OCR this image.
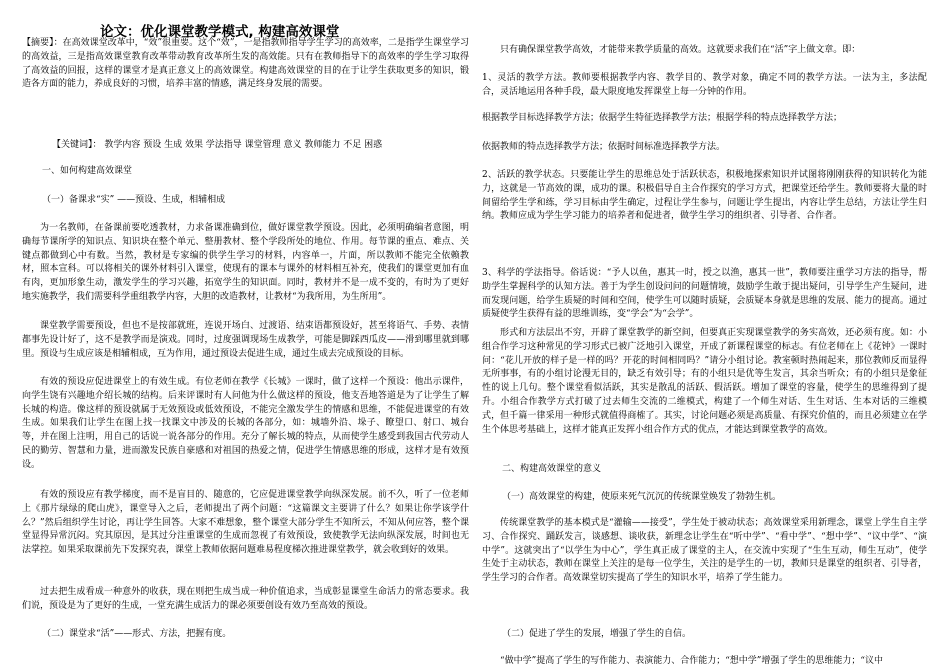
论文：优化课堂教学模式, 构建高效课堂

【摘要】：在高效课堂改革中，“效”很重要。这个“效”，一是指教师指导学生学习的高效率，二是指学生课堂学习的高效益，三是指高效课堂教育改革带动教育改革所生发的高效能。只有在教师指导下的高效率的学生学习取得了高效益的回报，这样的课堂才是真正意义上的高效课堂。构建高效课堂的目的在于让学生获取更多的知识，锻造各方面的能力，养成良好的习惯，培养丰富的情感，满足终身发展的需要。

【关键词】： 教学内容 预设 生成 效果 学法指导 课堂管理 意义 教师能力 不足 困惑

一、如何构建高效课堂

（一）备课求“实” ——预设、生成，相辅相成

为一名教师，在备课前要吃透教材，力求备课准确到位，做好课堂教学预设。因此，必须明确编者意图，明确每节课所学的知识点、知识块在整个单元、整册教材、整个学段所处的地位、作用。每节课的重点、难点、关键点都做到心中有数。当然，教材是专家编的供学生学习的材料，内容单一，片面，所以教师不能完全依赖教材，照本宣科。可以将相关的课外材料引入课堂，使现有的课本与课外的材料相互补充，使我们的课堂更加有血有肉，更加形象生动，激发学生的学习兴趣，拓宽学生的知识面。同时，教材并不是一成不变的，有时为了更好地实施教学，我们需要科学重组教学内容，大胆的改造教材，让教材“为我所用，为生所用”。

课堂教学需要预设，但也不是按部就班，连说开场白、过渡语、结束语都预设好，甚至将语气、手势、表情都事先设计好了，这不是教学而是演戏。同时，过度强调现场生成教学，可能是脚踩西瓜皮——滑到哪里就到哪里。预设与生成应该是相辅相成，互为作用，通过预设去促进生成，通过生成去完成预设的目标。

有效的预设应促进课堂上的有效生成。有位老师在教学《长城》一课时，做了这样一个预设：他出示课件，向学生饶有兴趣地介绍长城的结构。后来评课时有人问他为什么做这样的预设，他支吾地答道是为了让学生了解长城的构造。像这样的预设就属于无效预设或低效预设，不能完全激发学生的情感和思维，不能促进课堂的有效生成。如果我们让学生在图上找一找课文中涉及的长城的各部分，如：城墙外沿、垛子、瞭望口、射口、城台等，并在图上注明，用自己的话说一说各部分的作用。充分了解长城的特点，从而使学生感受到我国古代劳动人民的勤劳、智慧和力量，进而激发民族自豪感和对祖国的热爱之情，促进学生情感思维的形成，这样才是有效预设。

有效的预设应有教学梯度，而不是盲目的、随意的，它应促进课堂教学向纵深发展。前不久，听了一位老师上《那片绿绿的爬山虎》，课堂导入之后，老师提出了两个问题：“这篇课文主要讲了什么？如果让你学该学什么？”然后组织学生讨论，再让学生回答。大家不难想象，整个课堂大部分学生不知所云，不知从何应答，整个课堂显得异常沉闷。究其原因，是其过分注重课堂的生成而忽视了有效预设，致使教学无法向纵深发展，时间也无法掌控。如果采取课前先下发探究表，课堂上教师依据问题难易程度梯次推进课堂教学，就会收到好的效果。

过去把生成看成一种意外的收获，现在则把生成当成一种价值追求，当成彰显课堂生命活力的常态要求。我们说，预设是为了更好的生成，一堂充满生成活力的课必须要创设有效乃至高效的预设。

（二）课堂求“活”——形式、方法，把握有度。

只有确保课堂教学高效，才能带来教学质量的高效。这就要求我们在“活”字上做文章。即：

1、灵活的教学方法。教师要根据教学内容、教学目的、教学对象，确定不同的教学方法。一法为主，多法配合，灵活地运用各种手段，最大限度地发挥课堂上每一分钟的作用。

根据教学目标选择教学方法；依据学生特征选择教学方法；根据学科的特点选择教学方法；

依据教师的特点选择教学方法；依据时间标准选择教学方法。

2、活跃的教学状态。只要能让学生的思维总处于活跃状态，积极地探索知识并试图将刚刚获得的知识转化为能力，这就是一节高效的课，成功的课。积极倡导自主合作探究的学习方式，把课堂还给学生。教师要将大量的时间留给学生学和练，学习目标由学生确定，过程让学生参与，问题让学生提出，内容让学生总结，方法让学生归纳。教师应成为学生学习能力的培养者和促进者，做学生学习的组织者、引导者、合作者。

3、科学的学法指导。俗话说：“予人以鱼，惠其一时，授之以渔，惠其一世”，教师要注重学习方法的指导，帮助学生掌握科学的认知方法。善于为学生创设问问的问题情境，鼓励学生敢于提出疑问，引导学生产生疑问，进而发现问题，给学生质疑的时间和空间，使学生可以随时质疑，会质疑本身就是思维的发展、能力的提高。通过质疑使学生获得有益的思维训练，变“学会”为“会学”。

形式和方法层出不穷，开辟了课堂教学的新空间，但要真正实现课堂教学的务实高效，还必须有度。如：小组合作学习这种常见的学习形式已被广泛地引入课堂，开成了新课程课堂的标志。有位老师在上《花钟》一课时问：“花儿开放的样子是一样的吗？开花的时间相同吗？”请分小组讨论。教室顿时热闹起来，那位教师反而显得无所事事，有的小组讨论漫无目的，缺乏有效引导；有的小组只是优等生发言，其余当听众；有的小组只是象征性的说上几句。整个课堂看似活跃，其实是散乱的活跃、假活跃。增加了课堂的容量，使学生的思维得到了提升。小组合作教学方式打破了过去师生交流的二维模式，构建了一个师生对话、生生对话、生本对话的三维模式，但千篇一律采用一种形式就值得商榷了。其实，讨论问题必须是高质量、有探究价值的，而且必须建立在学生个体思考基础上，这样才能真正发挥小组合作方式的优点，才能达到课堂教学的高效。

二、构建高效课堂的意义

（一）高效课堂的构建，使原来死气沉沉的传统课堂焕发了勃勃生机。

传统课堂教学的基本模式是“灌输——接受”，学生处于被动状态；高效课堂采用新理念，课堂上学生自主学习、合作探究、踊跃发言，谈感想、谈收获，新理念让学生在“听中学”、“看中学”、“想中学”、“议中学”、“演中学”。这就突出了“以学生为中心”，学生真正成了课堂的主人，在交流中实现了“生生互动，师生互动”，使学生处于主动状态，教师在课堂上关注的是每一位学生，关注的是学生的一切，教师只是课堂的组织者、引导者，学生学习的合作者。高效课堂切实提高了学生的知识水平，培养了学生能力。

（二）促进了学生的发展，增强了学生的自信。

“做中学”提高了学生的写作能力、表演能力、合作能力；“想中学”增强了学生的思维能力；“议中
